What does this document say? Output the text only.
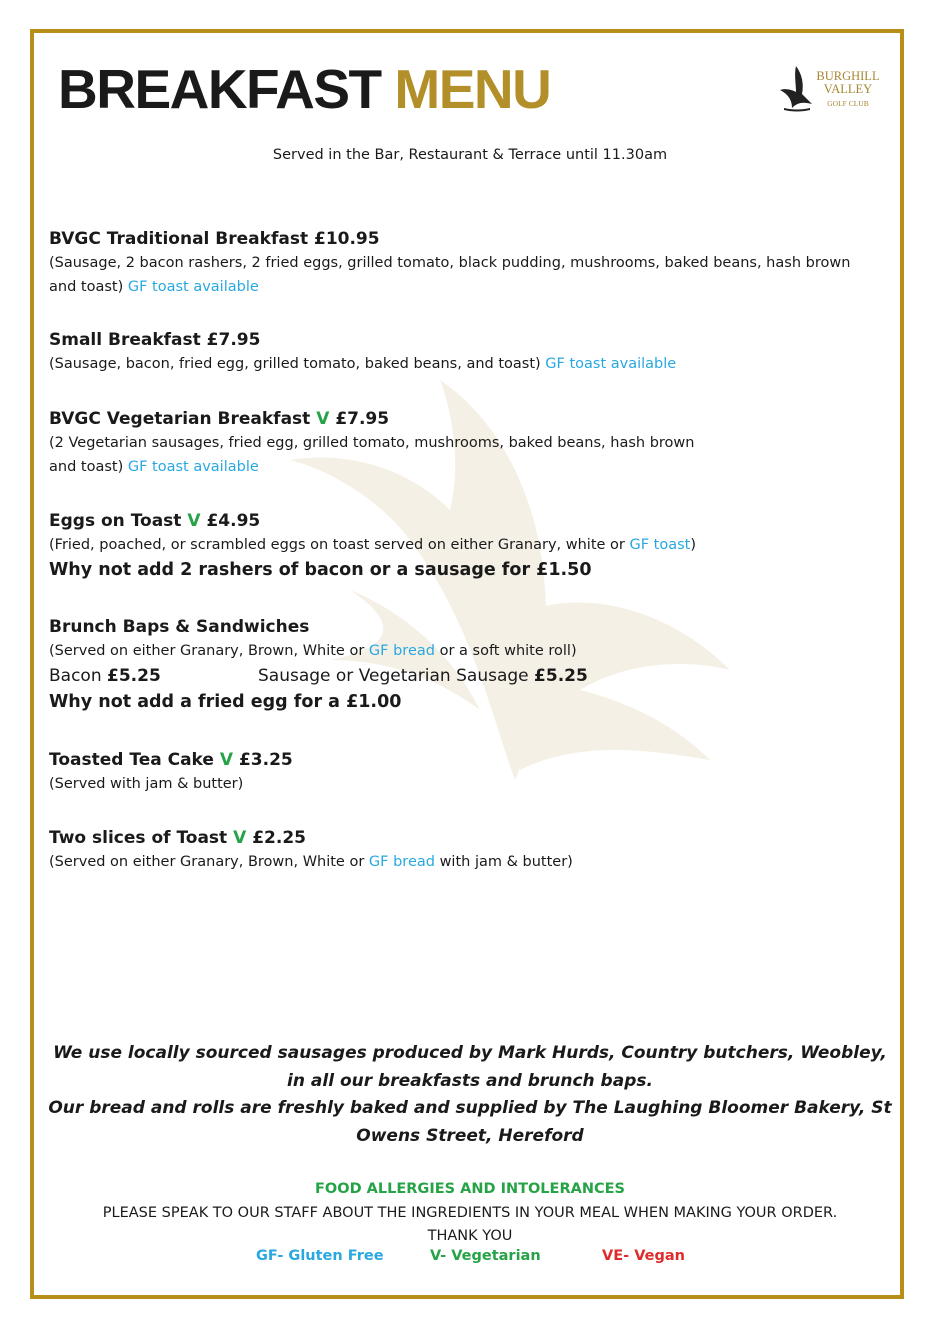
BREAKFAST MENU	BURGHILL
VALLEY
GOLF CLUB
Served in the Bar, Restaurant & Terrace until 11.30am
BVGC Traditional Breakfast £10.95
(Sausage, 2 bacon rashers, 2 fried eggs, grilled tomato, black pudding, mushrooms, baked beans, hash brown and toast) GF toast available
Small Breakfast £7.95
(Sausage, bacon, fried egg, grilled tomato, baked beans, and toast) GF toast available
BVGC Vegetarian Breakfast V £7.95
(2 Vegetarian sausages, fried egg, grilled tomato, mushrooms, baked beans, hash brown
and toast) GF toast available
Eggs on Toast V £4.95
(Fried, poached, or scrambled eggs on toast served on either Granary, white or GF toast)
Why not add 2 rashers of bacon or a sausage for £1.50
Brunch Baps & Sandwiches
(Served on either Granary, Brown, White or GF bread or a soft white roll)
Bacon £5.25	Sausage or Vegetarian Sausage £5.25
Why not add a fried egg for a £1.00
Toasted Tea Cake V £3.25
(Served with jam & butter)
Two slices of Toast V £2.25
(Served on either Granary, Brown, White or GF bread with jam & butter)
We use locally sourced sausages produced by Mark Hurds, Country butchers, Weobley,
in all our breakfasts and brunch baps.
Our bread and rolls are freshly baked and supplied by The Laughing Bloomer Bakery, St
Owens Street, Hereford
FOOD ALLERGIES AND INTOLERANCES
PLEASE SPEAK TO OUR STAFF ABOUT THE INGREDIENTS IN YOUR MEAL WHEN MAKING YOUR ORDER.
THANK YOU
GF- Gluten Free	V- Vegetarian	VE- Vegan
